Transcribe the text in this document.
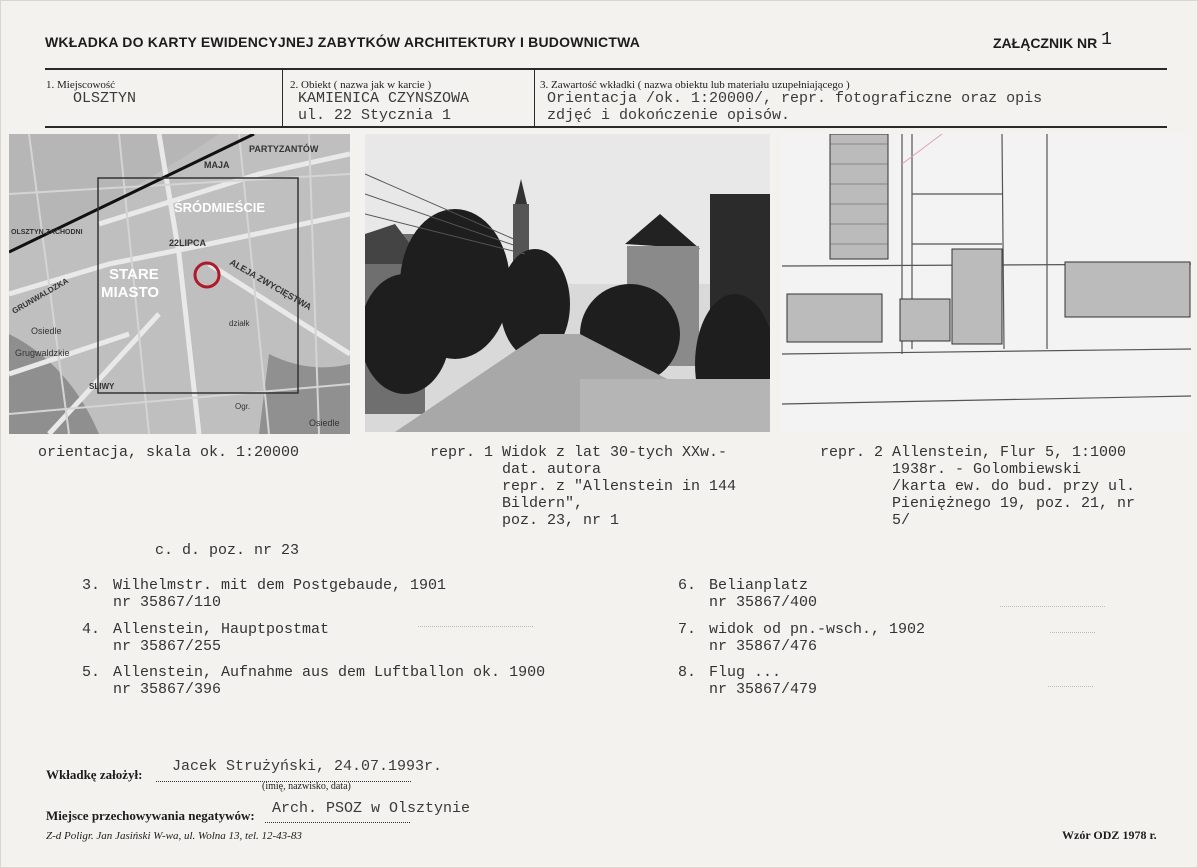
WKŁADKA DO KARTY EWIDENCYJNEJ ZABYTKÓW ARCHITEKTURY I BUDOWNICTWA	ZAŁĄCZNIK NR 1
1. Miejscowość
OLSZTYN
2. Obiekt ( nazwa jak w karcie )
KAMIENICA CZYNSZOWA
ul. 22 Stycznia 1
3. Zawartość wkładki ( nazwa obiektu lub materiału uzupełniającego )
Orientacja /ok. 1:20000/, repr. fotograficzne oraz opis
zdjęć i dokończenie opisów.
PARTYZANTÓW
MAJA
ŚRÓDMIEŚCIE
STARE
MIASTO
22LIPCA
ALEJA ZWYCIĘSTWA
GRUNWALDZKA
Osiedle
Grugwaldzkie
SLIWY
Osiedle
OLSZTYN ZACHODNI
działk
Ogr.
orientacja, skala ok. 1:20000	repr. 1 Widok z lat 30-tych XXw.-
dat. autora
repr. z "Allenstein in 144
Bildern",
poz. 23, nr 1
repr. 2 Allenstein, Flur 5, 1:1000
1938r. - Golombiewski
/karta ew. do bud. przy ul.
Pieniężnego 19, poz. 21, nr
5/
c. d. poz. nr 23
3. Wilhelmstr. mit dem Postgebaude, 1901
nr 35867/110
4. Allenstein, Hauptpostmat
nr 35867/255
5. Allenstein, Aufnahme aus dem Luftballon ok. 1900
nr 35867/396
6. Belianplatz
nr 35867/400
7. widok od pn.-wsch., 1902
nr 35867/476
8. Flug ...
nr 35867/479
Wkładkę założył: Jacek Strużyński, 24.07.1993r.
(imię, nazwisko, data)
Miejsce przechowywania negatywów: Arch. PSOZ w Olsztynie
Z-d Poligr. Jan Jasiński W-wa, ul. Wolna 13, tel. 12-43-83	Wzór ODZ 1978 r.
